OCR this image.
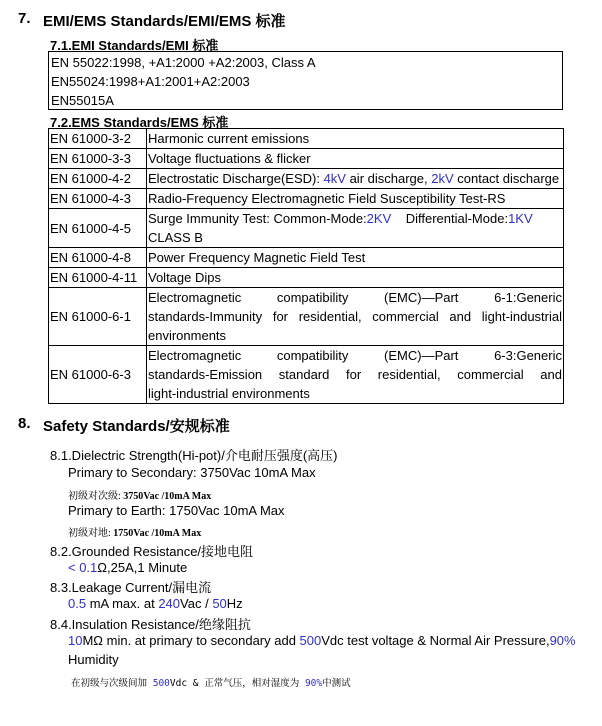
7. EMI/EMS Standards/EMI/EMS 标准
7.1.EMI Standards/EMI 标准
EN 55022:1998, +A1:2000 +A2:2003, Class A
EN55024:1998+A1:2001+A2:2003
EN55015A
7.2.EMS Standards/EMS 标准
EN 61000-3-2	Harmonic current emissions
EN 61000-3-3	Voltage fluctuations & flicker
EN 61000-4-2	Electrostatic Discharge(ESD): 4kV air discharge, 2kV contact discharge
EN 61000-4-3	Radio-Frequency Electromagnetic Field Susceptibility Test-RS
EN 61000-4-5	Surge Immunity Test: Common-Mode:2KV    Differential-Mode:1KV
CLASS B
EN 61000-4-8	Power Frequency Magnetic Field Test
EN 61000-4-11	Voltage Dips
EN 61000-6-1	Electromagnetic compatibility (EMC)—Part 6-1:Generic
standards-Immunity for residential, commercial and light-industrial
environments

EN 61000-6-3	Electromagnetic compatibility (EMC)—Part 6-3:Generic
standards-Emission standard for residential, commercial and
light-industrial environments
8. Safety Standards/安规标准
8.1.Dielectric Strength(Hi-pot)/介电耐压强度(高压)
Primary to Secondary: 3750Vac 10mA Max
初级对次级: 3750Vac /10mA Max
Primary to Earth: 1750Vac 10mA Max
初级对地: 1750Vac /10mA Max
8.2.Grounded Resistance/接地电阻
< 0.1Ω,25A,1 Minute
8.3.Leakage Current/漏电流
0.5 mA max. at 240Vac / 50Hz
8.4.Insulation Resistance/绝缘阻抗
10MΩ min. at primary to secondary add 500Vdc test voltage & Normal Air Pressure,90%
Humidity
在初级与次级间加 500Vdc & 正常气压，相对湿度为 90%中测试
